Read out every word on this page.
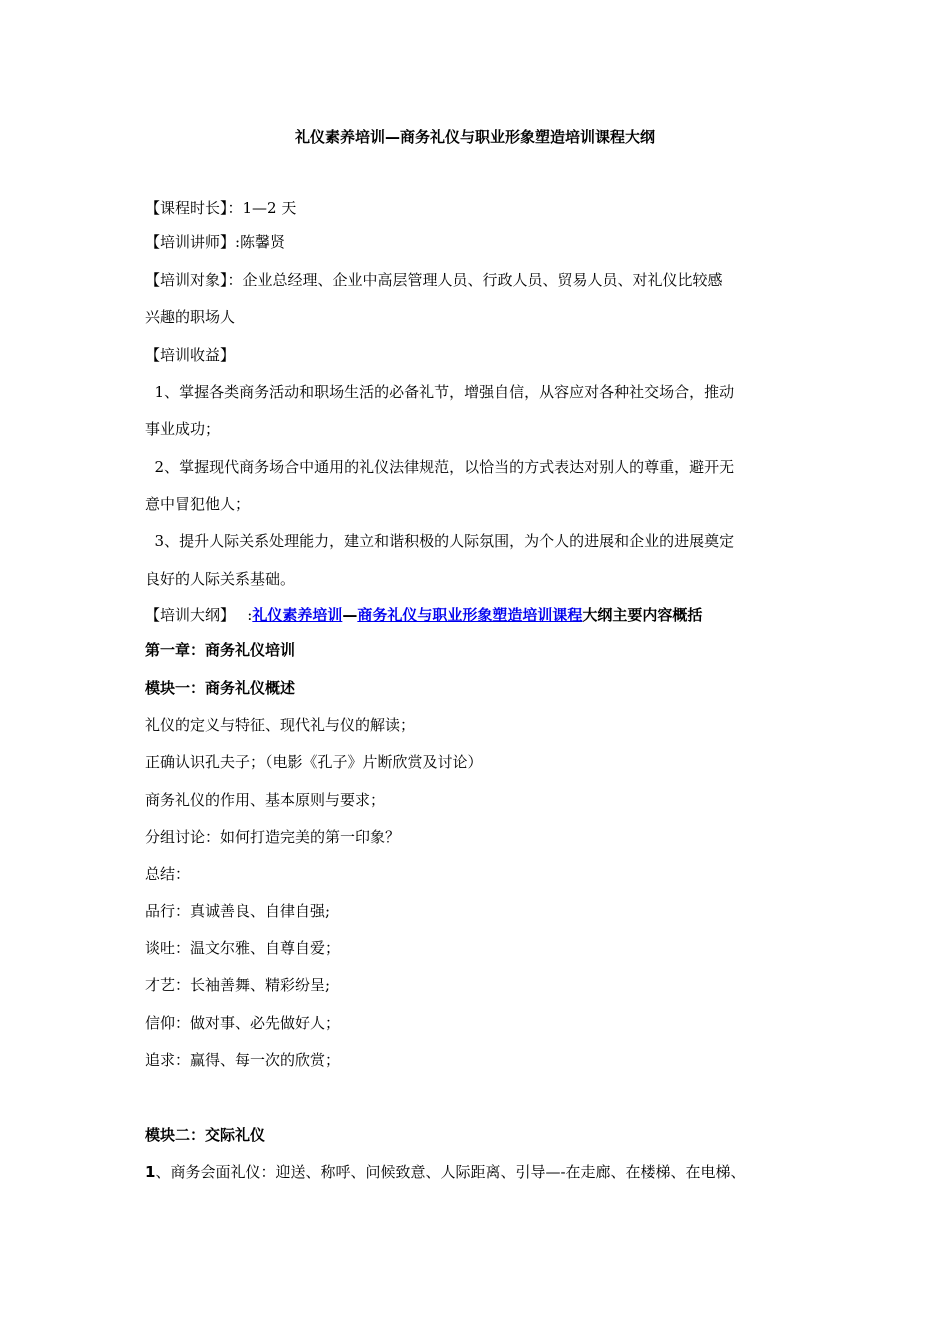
礼仪素养培训—商务礼仪与职业形象塑造培训课程大纲
【课程时长】：1—2 天
【培训讲师】:陈馨贤
【培训对象】：企业总经理、企业中高层管理人员、行政人员、贸易人员、对礼仪比较感
兴趣的职场人
【培训收益】
1、掌握各类商务活动和职场生活的必备礼节，增强自信，从容应对各种社交场合，推动
事业成功；
2、掌握现代商务场合中通用的礼仪法律规范，以恰当的方式表达对别人的尊重，避开无
意中冒犯他人；
3、提升人际关系处理能力，建立和谐积极的人际氛围，为个人的进展和企业的进展奠定
良好的人际关系基础。
【培训大纲】　 :礼仪素养培训—商务礼仪与职业形象塑造培训课程大纲主要内容概括
第一章：商务礼仪培训
模块一：商务礼仪概述
礼仪的定义与特征、现代礼与仪的解读；
正确认识孔夫子；（电影《孔子》片断欣赏及讨论）
商务礼仪的作用、基本原则与要求；
分组讨论：如何打造完美的第一印象？
总结：
品行：真诚善良、自律自强;
谈吐：温文尔雅、自尊自爱；
才艺：长袖善舞、精彩纷呈;
信仰：做对事、必先做好人；
追求：赢得、每一次的欣赏；
模块二：交际礼仪
1、商务会面礼仪：迎送、称呼、问候致意、人际距离、引导—-在走廊、在楼梯、在电梯、
